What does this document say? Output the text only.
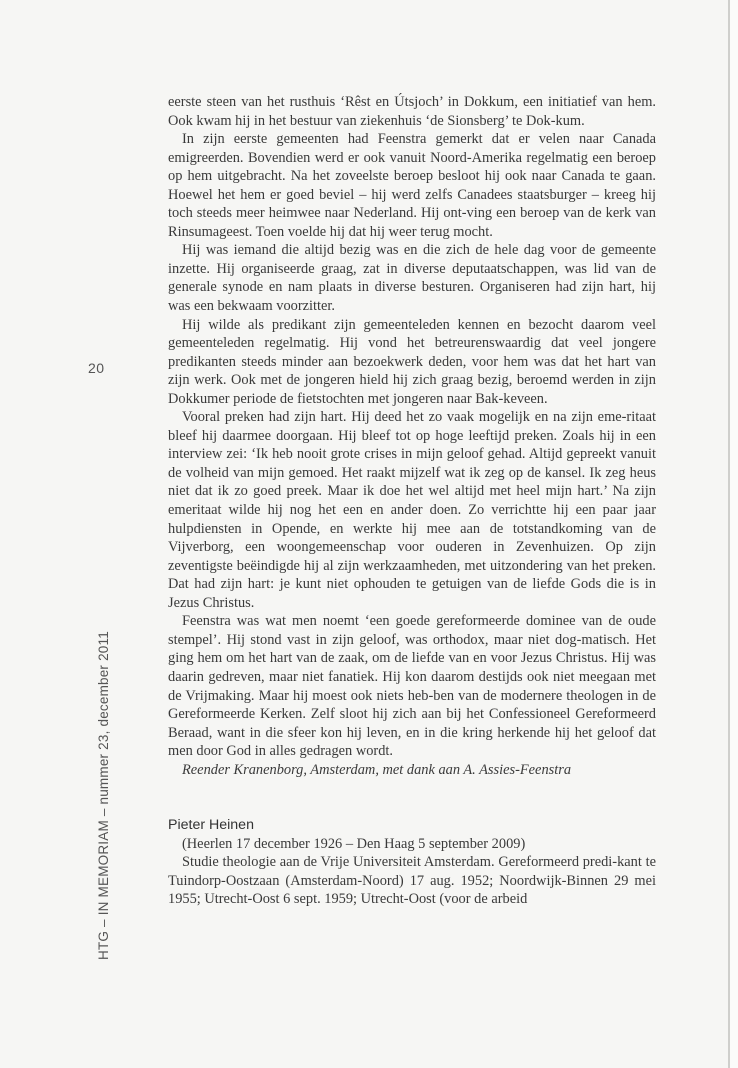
20
HTG – IN MEMORIAM – nummer 23, december 2011

eerste steen van het rusthuis ‘Rêst en Útsjoch’ in Dokkum, een initiatief van hem. Ook kwam hij in het bestuur van ziekenhuis ‘de Sionsberg’ te Dok-kum.

In zijn eerste gemeenten had Feenstra gemerkt dat er velen naar Canada emigreerden. Bovendien werd er ook vanuit Noord-Amerika regelmatig een beroep op hem uitgebracht. Na het zoveelste beroep besloot hij ook naar Canada te gaan. Hoewel het hem er goed beviel – hij werd zelfs Canadees staatsburger – kreeg hij toch steeds meer heimwee naar Nederland. Hij ont-ving een beroep van de kerk van Rinsumageest. Toen voelde hij dat hij weer terug mocht.

Hij was iemand die altijd bezig was en die zich de hele dag voor de gemeente inzette. Hij organiseerde graag, zat in diverse deputaatschappen, was lid van de generale synode en nam plaats in diverse besturen. Organiseren had zijn hart, hij was een bekwaam voorzitter.

Hij wilde als predikant zijn gemeenteleden kennen en bezocht daarom veel gemeenteleden regelmatig. Hij vond het betreurenswaardig dat veel jongere predikanten steeds minder aan bezoekwerk deden, voor hem was dat het hart van zijn werk. Ook met de jongeren hield hij zich graag bezig, beroemd werden in zijn Dokkumer periode de fietstochten met jongeren naar Bak-keveen.

Vooral preken had zijn hart. Hij deed het zo vaak mogelijk en na zijn eme-ritaat bleef hij daarmee doorgaan. Hij bleef tot op hoge leeftijd preken. Zoals hij in een interview zei: ‘Ik heb nooit grote crises in mijn geloof gehad. Altijd gepreekt vanuit de volheid van mijn gemoed. Het raakt mijzelf wat ik zeg op de kansel. Ik zeg heus niet dat ik zo goed preek. Maar ik doe het wel altijd met heel mijn hart.’ Na zijn emeritaat wilde hij nog het een en ander doen. Zo verrichtte hij een paar jaar hulpdiensten in Opende, en werkte hij mee aan de totstandkoming van de Vijverborg, een woongemeenschap voor ouderen in Zevenhuizen. Op zijn zeventigste beëindigde hij al zijn werkzaamheden, met uitzondering van het preken. Dat had zijn hart: je kunt niet ophouden te getuigen van de liefde Gods die is in Jezus Christus.

Feenstra was wat men noemt ‘een goede gereformeerde dominee van de oude stempel’. Hij stond vast in zijn geloof, was orthodox, maar niet dog-matisch. Het ging hem om het hart van de zaak, om de liefde van en voor Jezus Christus. Hij was daarin gedreven, maar niet fanatiek. Hij kon daarom destijds ook niet meegaan met de Vrijmaking. Maar hij moest ook niets heb-ben van de modernere theologen in de Gereformeerde Kerken. Zelf sloot hij zich aan bij het Confessioneel Gereformeerd Beraad, want in die sfeer kon hij leven, en in die kring herkende hij het geloof dat men door God in alles gedragen wordt.

Reender Kranenborg, Amsterdam, met dank aan A. Assies-Feenstra

Pieter Heinen

(Heerlen 17 december 1926 – Den Haag 5 september 2009)

Studie theologie aan de Vrije Universiteit Amsterdam. Gereformeerd predi-kant te Tuindorp-Oostzaan (Amsterdam-Noord) 17 aug. 1952; Noordwijk-Binnen 29 mei 1955; Utrecht-Oost 6 sept. 1959; Utrecht-Oost (voor de arbeid
